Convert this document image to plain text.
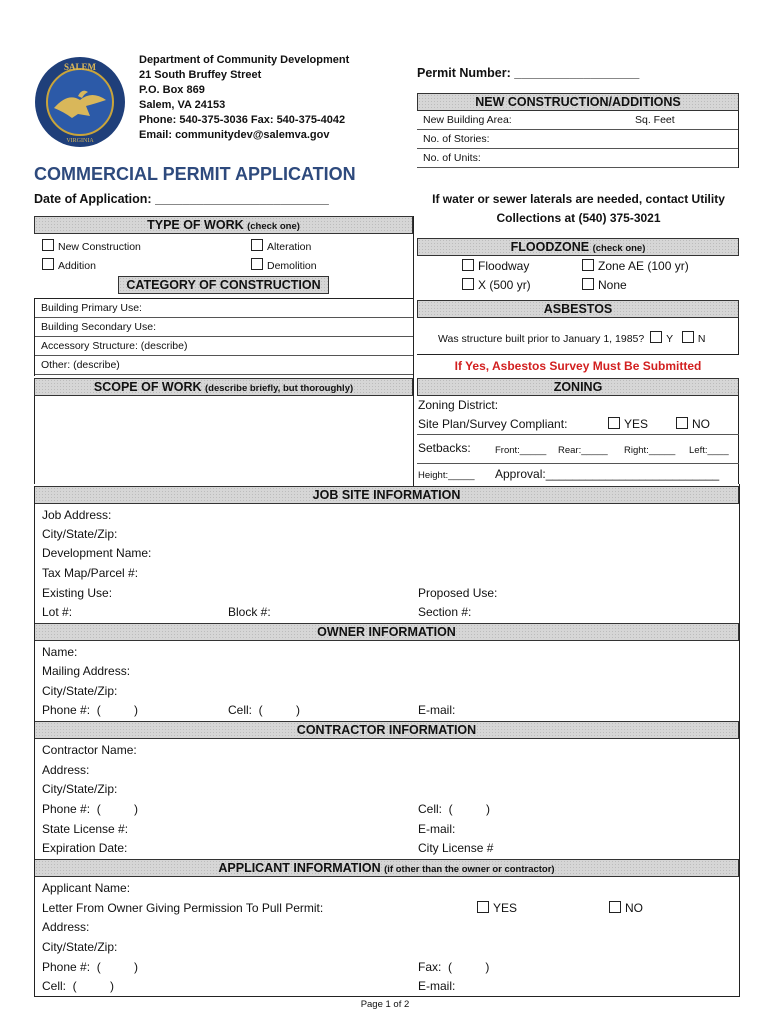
SALEM
VIRGINIA
Department of Community Development
21 South Bruffey Street
P.O. Box 869
Salem, VA 24153
Phone: 540-375-3036 Fax: 540-375-4042
Email: communitydev@salemva.gov
COMMERCIAL PERMIT APPLICATION
Date of Application: _________________________
Permit Number: __________________
TYPE OF WORK (check one)
New Construction	Alteration
Addition	Demolition
CATEGORY OF CONSTRUCTION
Building Primary Use:
Building Secondary Use:
Accessory Structure: (describe)
Other: (describe)
SCOPE OF WORK (describe briefly, but thoroughly)
NEW CONSTRUCTION/ADDITIONS
New Building Area:	Sq. Feet
No. of Stories:
No. of Units:
If water or sewer laterals are needed, contact Utility Collections at (540) 375-3021
FLOODZONE (check one)
Floodway	Zone AE (100 yr)
X (500 yr)	None
ASBESTOS
Was structure built prior to January 1, 1985? Y N
If Yes, Asbestos Survey Must Be Submitted
ZONING
Zoning District:
Site Plan/Survey Compliant:	YES	NO
Setbacks:	Front:_____ Rear:_____ Right:_____ Left:____
Height:_____ Approval:__________________________
JOB SITE INFORMATION
Job Address:
City/State/Zip:
Development Name:
Tax Map/Parcel #:
Existing Use:	Proposed Use:
Lot #:	Block #:	Section #:
OWNER INFORMATION
Name:
Mailing Address:
City/State/Zip:
Phone #:  (          )	Cell:  (          )	E-mail:
CONTRACTOR INFORMATION
Contractor Name:
Address:
City/State/Zip:
Phone #:  (          )	Cell:  (          )
State License #:	E-mail:
Expiration Date:	City License #
APPLICANT INFORMATION (if other than the owner or contractor)
Applicant Name:
Letter From Owner Giving Permission To Pull Permit:	YES	NO
Address:
City/State/Zip:
Phone #:  (          )	Fax:  (          )
Cell:  (          )	E-mail:
Page 1 of 2
